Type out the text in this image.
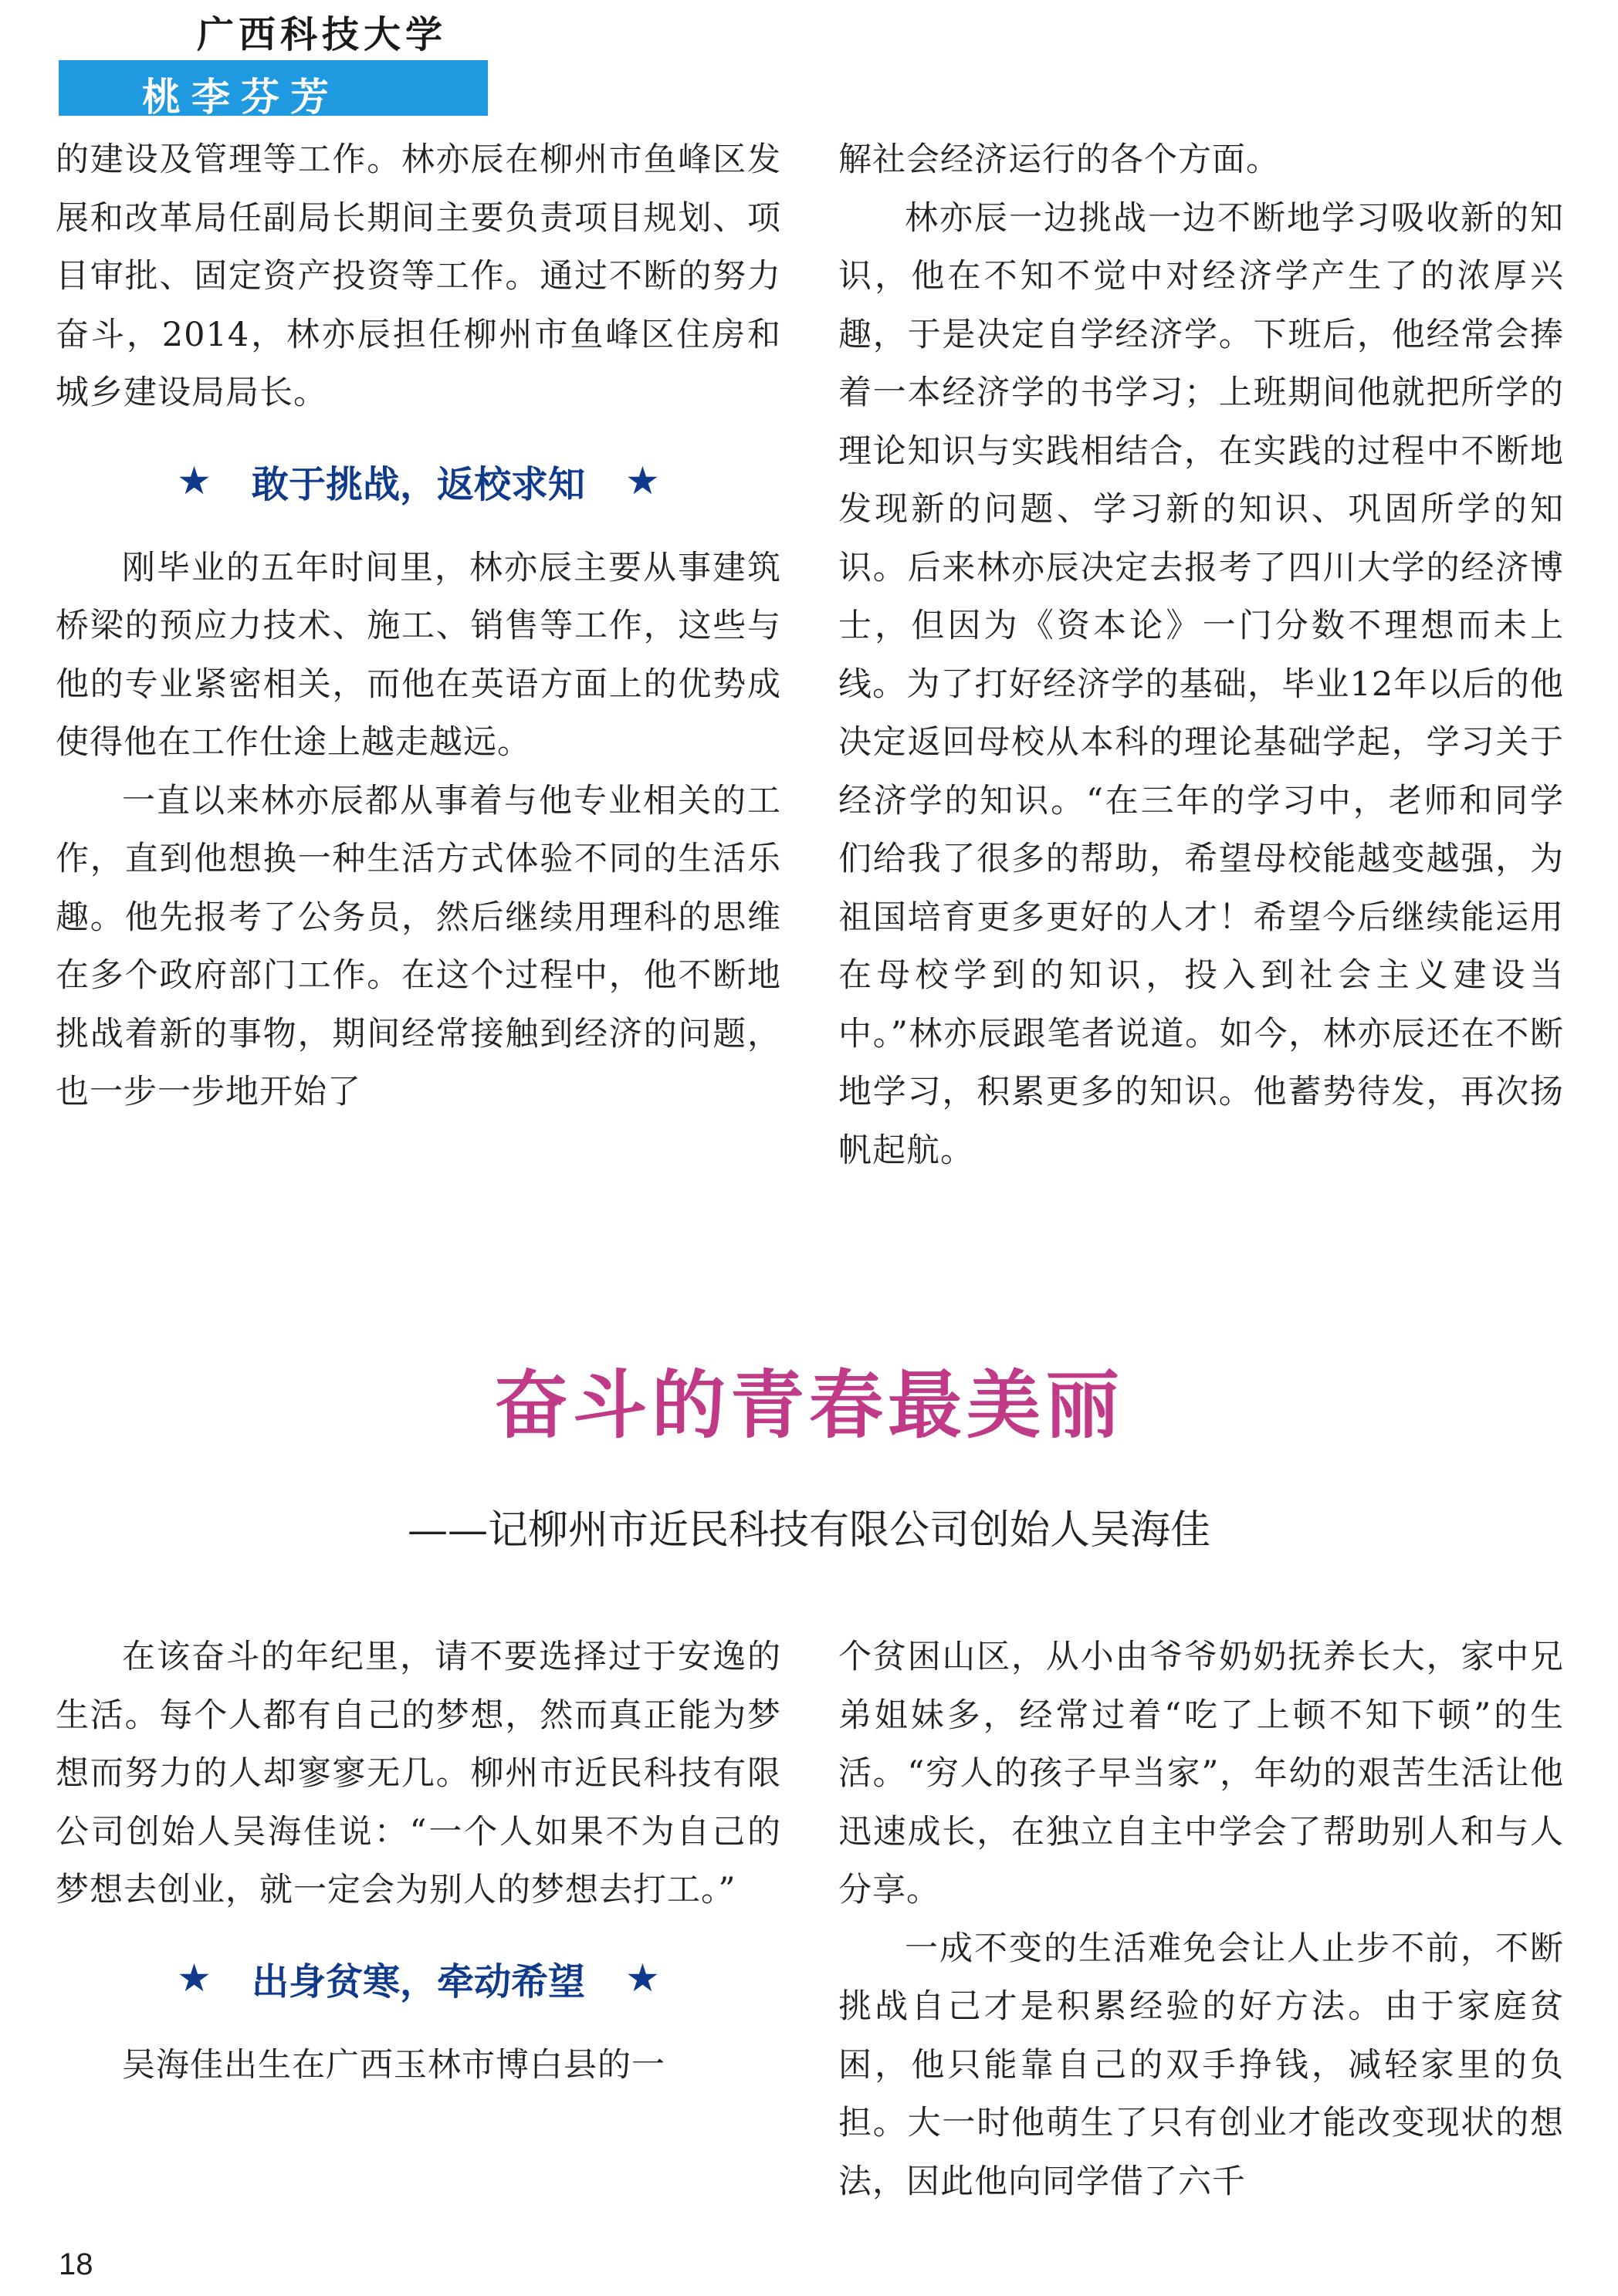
广西科技大学
桃李芬芳

的建设及管理等工作。林亦辰在柳州市鱼峰区发展和改革局任副局长期间主要负责项目规划、项目审批、固定资产投资等工作。通过不断的努力奋斗，2014，林亦辰担任柳州市鱼峰区住房和城乡建设局局长。

★ 敢于挑战，返校求知 ★

刚毕业的五年时间里，林亦辰主要从事建筑桥梁的预应力技术、施工、销售等工作，这些与他的专业紧密相关，而他在英语方面上的优势成使得他在工作仕途上越走越远。

一直以来林亦辰都从事着与他专业相关的工作，直到他想换一种生活方式体验不同的生活乐趣。他先报考了公务员，然后继续用理科的思维在多个政府部门工作。在这个过程中，他不断地挑战着新的事物，期间经常接触到经济的问题，也一步一步地开始了

解社会经济运行的各个方面。

林亦辰一边挑战一边不断地学习吸收新的知识，他在不知不觉中对经济学产生了的浓厚兴趣，于是决定自学经济学。下班后，他经常会捧着一本经济学的书学习；上班期间他就把所学的理论知识与实践相结合，在实践的过程中不断地发现新的问题、学习新的知识、巩固所学的知识。后来林亦辰决定去报考了四川大学的经济博士，但因为《资本论》一门分数不理想而未上线。为了打好经济学的基础，毕业12年以后的他决定返回母校从本科的理论基础学起，学习关于经济学的知识。“在三年的学习中，老师和同学们给我了很多的帮助，希望母校能越变越强，为祖国培育更多更好的人才！希望今后继续能运用在母校学到的知识，投入到社会主义建设当中。”林亦辰跟笔者说道。如今，林亦辰还在不断地学习，积累更多的知识。他蓄势待发，再次扬帆起航。

奋斗的青春最美丽
——记柳州市近民科技有限公司创始人吴海佳

在该奋斗的年纪里，请不要选择过于安逸的生活。每个人都有自己的梦想，然而真正能为梦想而努力的人却寥寥无几。柳州市近民科技有限公司创始人吴海佳说：“一个人如果不为自己的梦想去创业，就一定会为别人的梦想去打工。”

★ 出身贫寒，牵动希望 ★

吴海佳出生在广西玉林市博白县的一

个贫困山区，从小由爷爷奶奶抚养长大，家中兄弟姐妹多，经常过着“吃了上顿不知下顿”的生活。“穷人的孩子早当家”，年幼的艰苦生活让他迅速成长，在独立自主中学会了帮助别人和与人分享。

一成不变的生活难免会让人止步不前，不断挑战自己才是积累经验的好方法。由于家庭贫困，他只能靠自己的双手挣钱，减轻家里的负担。大一时他萌生了只有创业才能改变现状的想法，因此他向同学借了六千

18
